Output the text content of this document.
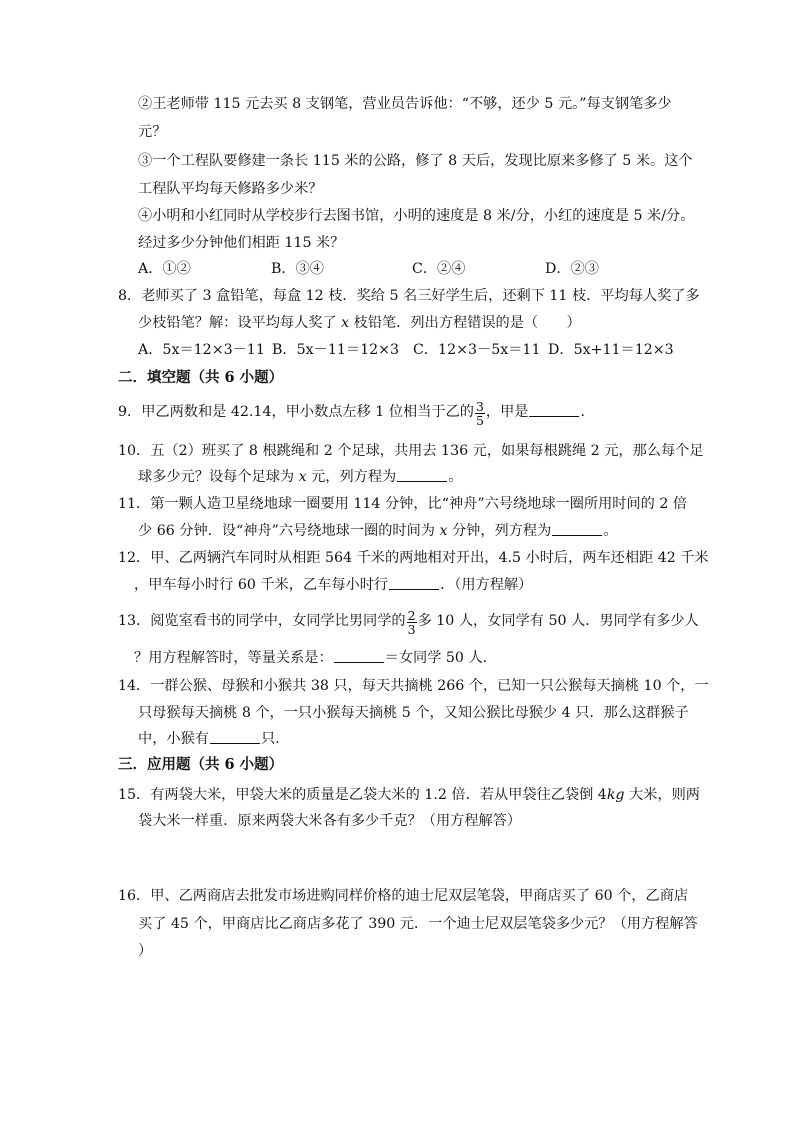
②王老师带 115 元去买 8 支钢笔，营业员告诉他：“不够，还少 5 元。”每支钢笔多少
元？
③一个工程队要修建一条长 115 米的公路，修了 8 天后，发现比原来多修了 5 米。这个
工程队平均每天修路多少米？
④小明和小红同时从学校步行去图书馆，小明的速度是 8 米/分，小红的速度是 5 米/分。
经过多少分钟他们相距 115 米？
A．①②	B．③④	C．②④	D．②③
8．老师买了 3 盒铅笔，每盒 12 枝．奖给 5 名三好学生后，还剩下 11 枝．平均每人奖了多
少枝铅笔？解：设平均每人奖了 x 枝铅笔．列出方程错误的是（　　）
A．5x＝12×3－11 B．5x－11＝12×3 C．12×3－5x＝11 D．5x+11＝12×3
二．填空题（共 6 小题）
9．甲乙两数和是 42.14，甲小数点左移 1 位相当于乙的 $\frac{3}{5}$ ，甲是	．
10．五（2）班买了 8 根跳绳和 2 个足球，共用去 136 元，如果每根跳绳 2 元，那么每个足
球多少元？设每个足球为 x 元，列方程为	。
11．第一颗人造卫星绕地球一圈要用 114 分钟，比“神舟”六号绕地球一圈所用时间的 2 倍
少 66 分钟．设“神舟”六号绕地球一圈的时间为 x 分钟，列方程为	。
12．甲、乙两辆汽车同时从相距 564 千米的两地相对开出，4.5 小时后，两车还相距 42 千米
，甲车每小时行 60 千米，乙车每小时行	．（用方程解）
13．阅览室看书的同学中，女同学比男同学的 $\frac{2}{3}$ 多 10 人，女同学有 50 人．男同学有多少人
？用方程解答时，等量关系是：	＝女同学 50 人．
14．一群公猴、母猴和小猴共 38 只，每天共摘桃 266 个，已知一只公猴每天摘桃 10 个，一
只母猴每天摘桃 8 个，一只小猴每天摘桃 5 个，又知公猴比母猴少 4 只．那么这群猴子
中，小猴有	只.
三．应用题（共 6 小题）
15．有两袋大米，甲袋大米的质量是乙袋大米的 1.2 倍．若从甲袋往乙袋倒 4kg 大米，则两
袋大米一样重．原来两袋大米各有多少千克？（用方程解答）
16．甲、乙两商店去批发市场进购同样价格的迪士尼双层笔袋，甲商店买了 60 个，乙商店
买了 45 个，甲商店比乙商店多花了 390 元．一个迪士尼双层笔袋多少元？（用方程解答
）
